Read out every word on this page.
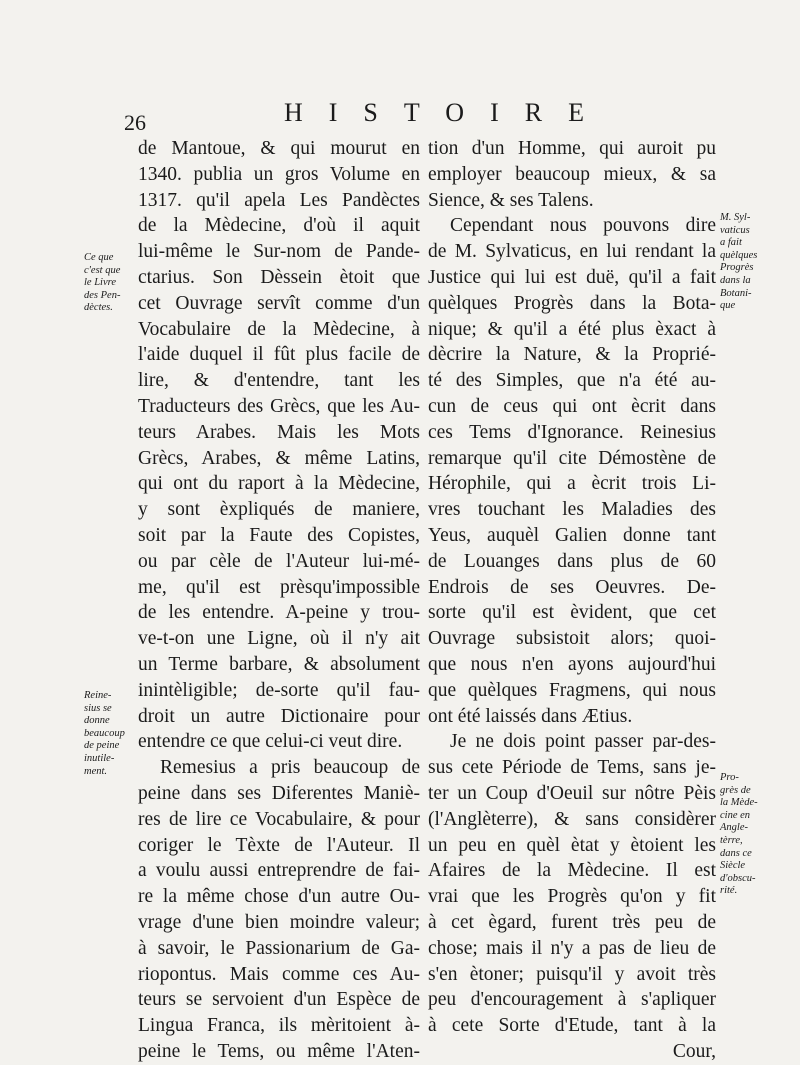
26	HISTOIRE
de Mantoue, & qui mourut en
1340. publia un gros Volume en
1317. qu'il apela Les Pandèctes
de la Mèdecine, d'où il aquit
lui-même le Sur-nom de Pande-
ctarius. Son Dèssein ètoit que
cet Ouvrage servît comme d'un
Vocabulaire de la Mèdecine, à
l'aide duquel il fût plus facile de
lire, & d'entendre, tant les
Traducteurs des Grècs, que les Au-
teurs Arabes. Mais les Mots
Grècs, Arabes, & même Latins,
qui ont du raport à la Mèdecine,
y sont èxpliqués de maniere,
soit par la Faute des Copistes,
ou par cèle de l'Auteur lui-mé-
me, qu'il est prèsqu'impossible
de les entendre. A-peine y trou-
ve-t-on une Ligne, où il n'y ait
un Terme barbare, & absolument
inintèligible; de-sorte qu'il fau-
droit un autre Dictionaire pour
entendre ce que celui-ci veut dire.
Remesius a pris beaucoup de
peine dans ses Diferentes Maniè-
res de lire ce Vocabulaire, & pour
coriger le Tèxte de l'Auteur. Il
a voulu aussi entreprendre de fai-
re la même chose d'un autre Ou-
vrage d'une bien moindre valeur;
à savoir, le Passionarium de Ga-
riopontus. Mais comme ces Au-
teurs se servoient d'un Espèce de
Lingua Franca, ils mèritoient à-
peine le Tems, ou même l'Aten-
tion d'un Homme, qui auroit pu
employer beaucoup mieux, & sa
Sience, & ses Talens.
Cependant nous pouvons dire
de M. Sylvaticus, en lui rendant la
Justice qui lui est duë, qu'il a fait
quèlques Progrès dans la Bota-
nique; & qu'il a été plus èxact à
dècrire la Nature, & la Proprié-
té des Simples, que n'a été au-
cun de ceus qui ont ècrit dans
ces Tems d'Ignorance. Reinesius
remarque qu'il cite Démostène de
Hérophile, qui a ècrit trois Li-
vres touchant les Maladies des
Yeus, auquèl Galien donne tant
de Louanges dans plus de 60
Endrois de ses Oeuvres. De-
sorte qu'il est èvident, que cet
Ouvrage subsistoit alors; quoi-
que nous n'en ayons aujourd'hui
que quèlques Fragmens, qui nous
ont été laissés dans Ætius.
Je ne dois point passer par-des-
sus cete Période de Tems, sans je-
ter un Coup d'Oeuil sur nôtre Pèis
(l'Anglèterre), & sans considèrer
un peu en quèl ètat y ètoient les
Afaires de la Mèdecine. Il est
vrai que les Progrès qu'on y fit
à cet ègard, furent très peu de
chose; mais il n'y a pas de lieu de
s'en ètoner; puisqu'il y avoit très
peu d'encouragement à s'apliquer
à cete Sorte d'Etude, tant à la
Cour,
Ce que
c'est que
le Livre
des Pen-
dèctes.
Reine-
sius se
donne
beaucoup
de peine
inutile-
ment.
M. Syl-
vaticus
a fait
quèlques
Progrès
dans la
Botani-
que
Pro-
grès de
la Mède-
cine en
Angle-
tèrre,
dans ce
Siècle
d'obscu-
rité.
